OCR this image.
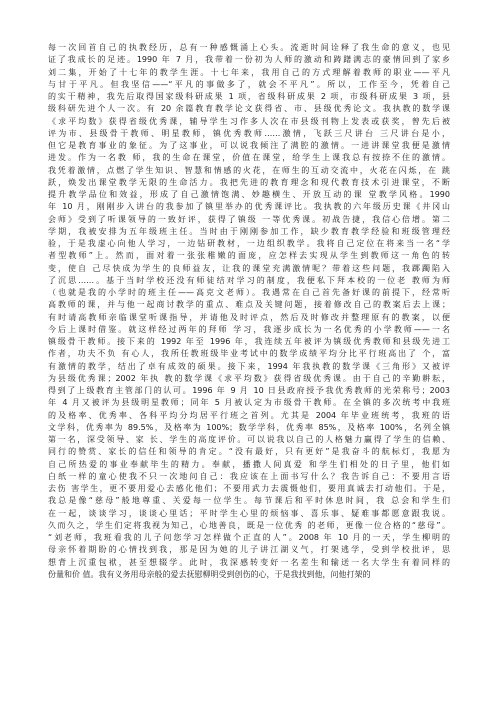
每一次回首自己的执教经历，总有一种感慨涌上心头。流逝时间诠释了我生命的意义，也见
证了我成长的足迹。1990 年 7 月，我带着一份初为人师的激动和踌躇满志的豪情回到了家乡
刘二集，开始了十七年的教学生涯。十七年来，我用自己的方式理解着教师的职业——平凡
与甘于平凡。但我坚信——“平凡的事做多了，就会不平凡”。所以，工作至今，凭着自己
的实干精神，我先后取得国家级科研成果 1 项，省级科研成果 2 项，市级科研成果 3 项，县
级科研先进个人一次。有 20 余篇教育教学论文获得省、市、县级优秀论文。我执教的数学课
《求平均数》获得省级优秀课，辅导学生习作多人次在市县级刊物上发表或获奖，曾先后被
评为市、县级骨干教师、明星教师，镇优秀教师……激情，飞跃三尺讲台 三尺讲台是小，
但它是教育事业的象征。为了这事业，可以说我倾注了满腔的激情。一进讲课堂我便是激情
进发。作为一名教 师，我的生命在课堂，价值在课堂，给学生上课我总有按捺不住的激情。
我凭着激情，点燃了学生知识、智慧和情感的火花，在师生的互动交流中，火花在闪烁，在 跳
跃，焕发出课堂教学无限的生命活力。我把先进的教育理念和现代教育技术引进课堂，不断
提升教学品位和效益，形成了自己激情饱满、妙趣横生、开放互动的课 堂教学风格。1990
年 10 月，刚刚步入讲台的我参加了镇里举办的优秀课评比。我执教的六年级历史课《井冈山
会师》受到了听课领导的一致好评，获得了镇级 一等优秀课。初战告捷，我信心倍增。第二
学期，我被安排为五年级班主任。当时由于刚刚参加工作，缺少教育教学经验和班级管理经
验，于是我虚心向他人学习，一边钻研教材，一边组织教学。我将自己定位在将来当一名“学
者型教师”上。然而，面对着一张张稚嫩的面庞，应怎样去实现从学生到教师这一角色的转
变，使自 己尽快成为学生的良师益友，让我的课堂充满激情呢？带着这些问题，我踯躅陷入
了沉思……。基于当时学校还没有师徒结对学习的制度，我便私下拜本校的一位老 教师为师
（也就是我的小学时的班主任——高克文老师）。我遇常在自己首先备好课的前提下，经常听
高教师的课，并与他一起商讨教学的重点、难点及关键问题，接着修改自己的教案后去上课；
有时请高教师亲临课堂听课指导，并请他及时评点，然后及时修改并整理原有的教案，以便
今后上课时借鉴。就这样经过两年的拜师 学习，我逐步成长为一名优秀的小学教师——一名
镇级骨干教师。接下来的 1992 年至 1996 年，我连续五年被评为镇级优秀教师和县级先进工
作者，功夫不负 有心人，我所任教班级毕业考试中的数学成绩平均分比平行班高出了 个，富
有激情的教学，结出了卓有成效的硕果。接下来，1994 年我执教的数学课《三角形》又被评
为县级优秀课；2002 年执 教的数学课《求平均数》获得省级优秀课。由于自己的辛勤耕耘，
得到了上级教育主管部门的认可。1996 年 9 月 10 日县政府授予我优秀教师的光荣称号；2003
年 4 月又被评为县级明星教师；同年 5 月被认定为市级骨干教师。在全镇的多次统考中我班
的及格率、优秀率、各科平均分均居平行班之首列。尤其是 2004 年毕业班统考，我班的语
文学科，优秀率为 89.5%，及格率为 100%；数学学科，优秀率 85%，及格率 100%，名列全镇
第一名，深受领导、家 长、学生的高度评价。可以说我以自己的人格魅力赢得了学生的信赖、
同行的赞赏、家长的信任和领导的肯定。“没有最好，只有更好”是我奋斗的航标灯，我愿为
自己所热爱的事业奉献毕生的精力。奉献，播撒人间真爱 和学生们相处的日子里，他们如
白纸一样的童心使我不只一次地问自己：我应该在上面书写什么？我告诉自己：不要用言语
去伤 害学生，更不要用爱心去感化他们；不要用武力去震慑他们，要用真诚去打动他们。于是，
我总是像“慈母”般地尊重、关爱每一位学生。每节课后和平时休息时间，我 总会和学生们
在一起，谈谈学习，谈谈心里话；平时学生心里的烦恼事、喜乐事、疑难事都愿意跟我说。
久而久之，学生们定将我视为知己，心地善良，既是一位优秀 的老师，更像一位合格的“慈母”。
“刘老师，我班看我的儿子问您学习怎样做个正直的人”。2008 年 10 月的一天，学生柳明的
母亲怀着期盼的心情找到我，那是因为她的儿子讲江湖义气，打架逃学，受到学校批评，思
想背上沉重包袱，甚至想辍学。此时，我深感转变好一名差生和输送一名大学生有着同样的
份量和价 值。我有义务用母亲般的爱去抚慰柳明受到创伤的心，于是我找到他，问他打架的
